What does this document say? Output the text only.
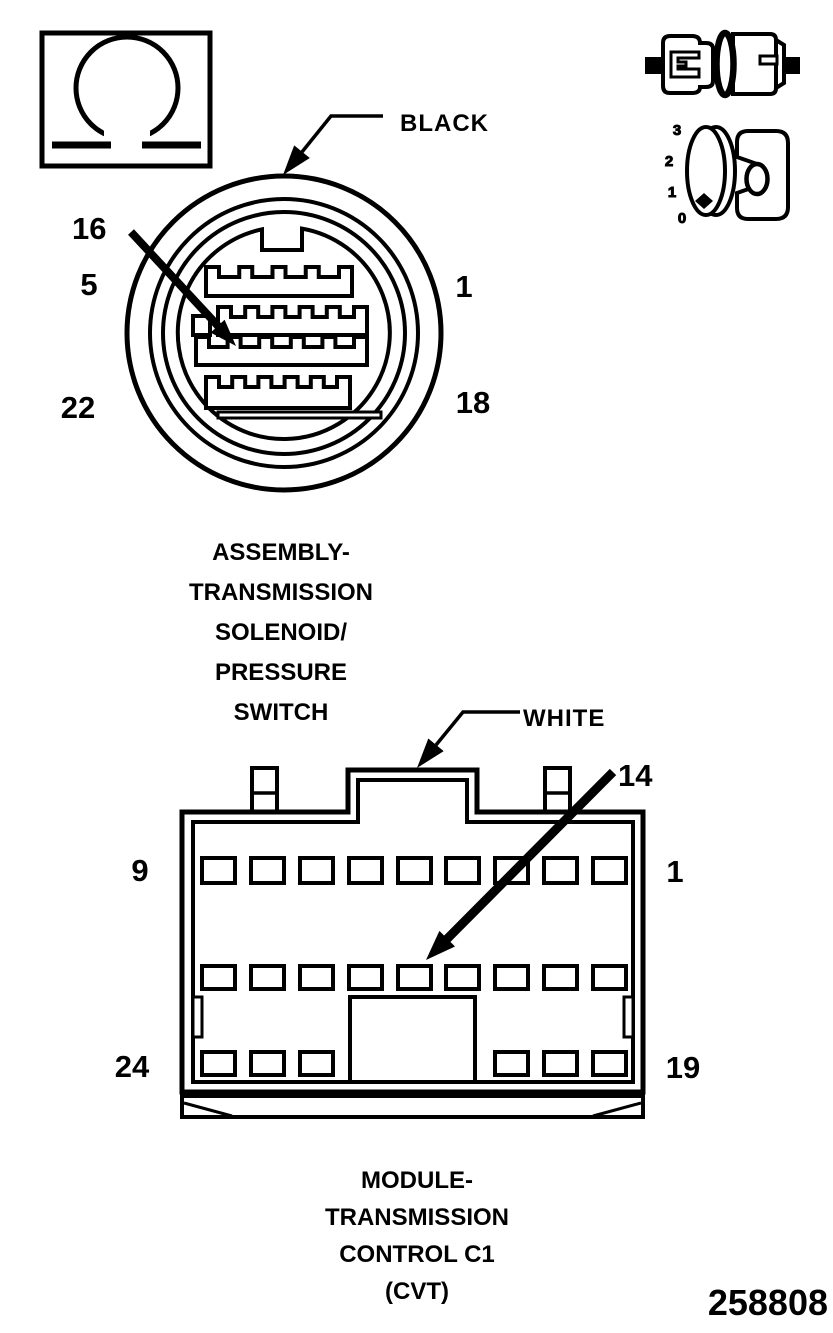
3
2
1
0
BLACK
16
5
22
1
18
ASSEMBLY-
TRANSMISSION
SOLENOID/
PRESSURE
SWITCH	WHITE
14
9	1
24	19
MODULE-
TRANSMISSION
CONTROL C1
(CVT)	258808
